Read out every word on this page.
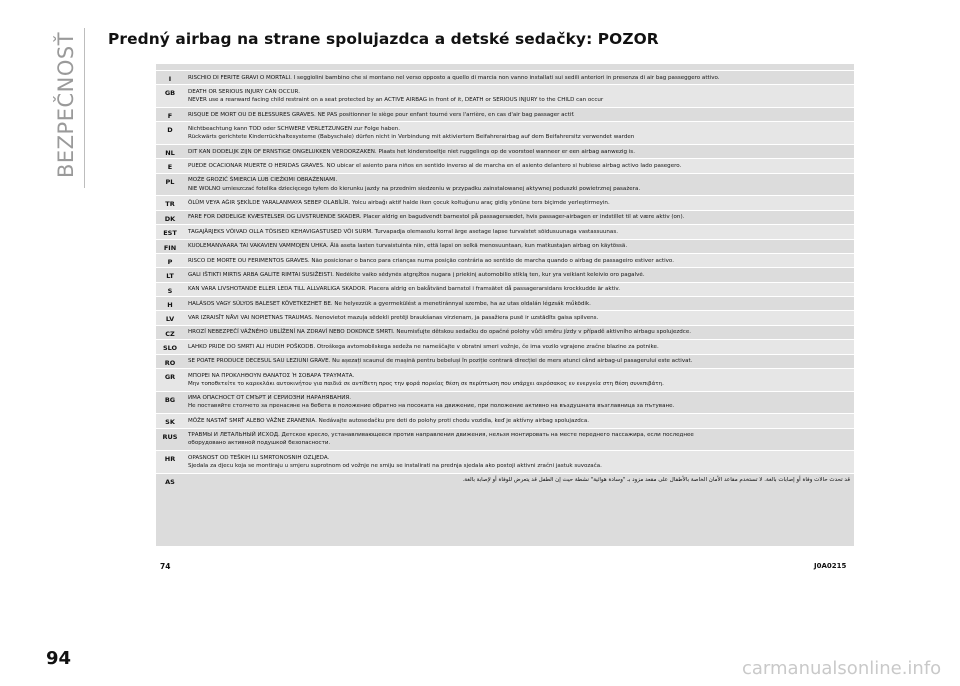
BEZPEČNOSŤ Predný airbag na strane spolujazdca a detské sedačky: POZOR
I	RISCHIO DI FERITE GRAVI O MORTALI. I seggiolini bambino che si montano nel verso opposto a quello di marcia non vanno installati sui sedili anteriori in presenza di air bag passeggero attivo.
GB	DEATH OR SERIOUS INJURY CAN OCCUR.
NEVER use a rearward facing child restraint on a seat protected by an ACTIVE AIRBAG in front of it, DEATH or SERIOUS INJURY to the CHILD can occur
F	RISQUE DE MORT OU DE BLESSURES GRAVES. NE PAS positionner le siège pour enfant tourné vers l'arrière, en cas d'air bag passager actif.
D	Nichtbeachtung kann TOD oder SCHWERE VERLETZUNGEN zur Folge haben.
Rückwärts gerichtete Kinderrückhaltesysteme (Babyschale) dürfen nicht in Verbindung mit aktiviertem Beifahrerairbag auf dem Beifahrersitz verwendet warden
NL	DIT KAN DODELIJK ZIJN OF ERNSTIGE ONGELUKKEN VEROORZAKEN. Plaats het kinderstoeltje niet ruggelings op de voorstoel wanneer er een airbag aanwezig is.
E	PUEDE OCACIONAR MUERTE O HERIDAS GRAVES. NO ubicar el asiento para niños en sentido inverso al de marcha en el asiento delantero si hubiese airbag activo lado pasegero.
PL	MOŻE GROZIĆ ŚMIERCIA LUB CIEŻKIMI OBRAŻENIAMI.
NIE WOLNO umieszczać fotelika dziecięcego tyłem do kierunku jazdy na przednim siedzeniu w przypadku zainstalowanej aktywnej poduszki powietrznej pasażera.
TR	ÖLÜM VEYA AĞIR ŞEKİLDE YARALANMAYA SEBEP OLABİLİR. Yolcu airbağı aktif halde iken çocuk koltuğunu araç gidiş yönüne ters biçimde yerleştirmeyin.
DK	FARE FOR DØDELIGE KVÆSTELSER OG LIVSTRUENDE SKADER. Placer aldrig en bagudvendt barnestol på passagersædet, hvis passager-airbagen er indstillet til at være aktiv (on).
EST	TAGAJÄRJEKS VÕIVAD OLLA TÕSISED KEHAVIGASTUSED VÕI SURM. Turvapadja olemasolu korral ärge asetage lapse turvaistet sõidusuunaga vastassuunas.
FIN	KUOLEMANVAARA TAI VAKAVIEN VAMMOJEN UHKA. Älä aseta lasten turvaistuinta niin, että lapsi on selkä menosuuntaan, kun matkustajan airbag on käytössä.
P	RISCO DE MORTE OU FERIMENTOS GRAVES. Não posicionar o banco para crianças numa posição contrária ao sentido de marcha quando o airbag de passageiro estiver activo.
LT	GALI IŠTIKTI MIRTIS ARBA GALITE RIMTAI SUSIŽEISTI. Nedėkite vaiko sėdynės atgręžtos nugara į priekinį automobilio stiklą ten, kur yra veikiant keleivio oro pagalvė.
S	KAN VARA LIVSHOTANDE ELLER LEDA TILL ALLVARLIGA SKADOR. Placera aldrig en bakåtvänd barnstol i framsätet då passagerarsidans krockkudde är aktiv.
H	HALÁSOS VAGY SÚLYOS BALESET KÖVETKEZHET BE. Ne helyezzük a gyermekülést a menetiránnyal szembe, ha az utas oldalán légzsák működik.
LV	VAR IZRAISĪT NĀVI VAI NOPIETNAS TRAUMAS. Nenovietot mazuļa sēdekli pretēji braukšanas virzienam, ja pasažiera pusē ir uzstādīts gaisa spilvens.
CZ	HROZÍ NEBEZPEČÍ VÁŽNÉHO UBLÍŽENÍ NA ZDRAVÍ NEBO DOKONCE SMRTI. Neumisťujte dětskou sedačku do opačné polohy vůči směru jízdy v případě aktivního airbagu spolujezdce.
SLO	LAHKO PRIDE DO SMRTI ALI HUDIH POŠKODB. Otroškega avtomobilskega sedeža ne nameščajte v obratni smeri vožnje, če ima vozilo vgrajene zračne blazine za potnike.
RO	SE POATE PRODUCE DECESUL SAU LEZIUNI GRAVE. Nu așezați scaunul de mașină pentru bebeluși în poziție contrară direcției de mers atunci când airbag-ul pasagerului este activat.
GR	ΜΠΟΡΕΙ ΝΑ ΠΡΟΚΛΗΘΟΥΝ ΘΑΝΑΤΟΣ Ή ΣΟΒΑΡΑ ΤΡΑΥΜΑΤΑ.
Μην τοποθετείτε το καρεκλάκι αυτοκινήτου για παιδιά σε αντίθετη προς την φορά πορείας θέση σε περίπτωση που υπάρχει αερόσακος εν ενεργεία στη θέση συνεπιβάτη.
BG	ИМА ОПАСНОСТ ОТ СМЪРТ И СЕРИОЗНИ НАРАНЯВАНИЯ.
Не поставяйте столчето за пренасяне на бебета в положение обратно на посоката на движение, при положение активно на въздушната възглавница за пътуване.
SK	MÔŽE NASTAŤ SMRŤ ALEBO VÁŽNE ZRANENIA. Nedávajte autosedačku pre deti do polohy proti chodu vozidla, keď je aktívny airbag spolujazdca.
RUS	ТРАВМЫ И ЛЕТАЛЬНЫЙ ИСХОД. Детское кресло, устанавливающееся против направления движения, нельзя монтировать на месте переднего пассажира, если последнее
оборудовано активной подушкой безопасности.
HR	OPASNOST OD TEŠKIH ILI SMRTONOSNIH OZLJEDA.
Sjedala za djecu koja se montiraju u smjeru suprotnom od vožnje ne smiju se instalirati na prednja sjedala ako postoji aktivni zračni jastuk suvozača.
AS	قد تحدث حالات وفاة أو إصابات بالغة. لا تستخدم مقاعد الأمان الخاصة بالأطفال على مقعد مزود بـ "وسادة هوائية" نشطة حيث إن الطفل قد يتعرض للوفاة أو لإصابة بالغة.
74	J0A0215
94	carmanualsonline.info
